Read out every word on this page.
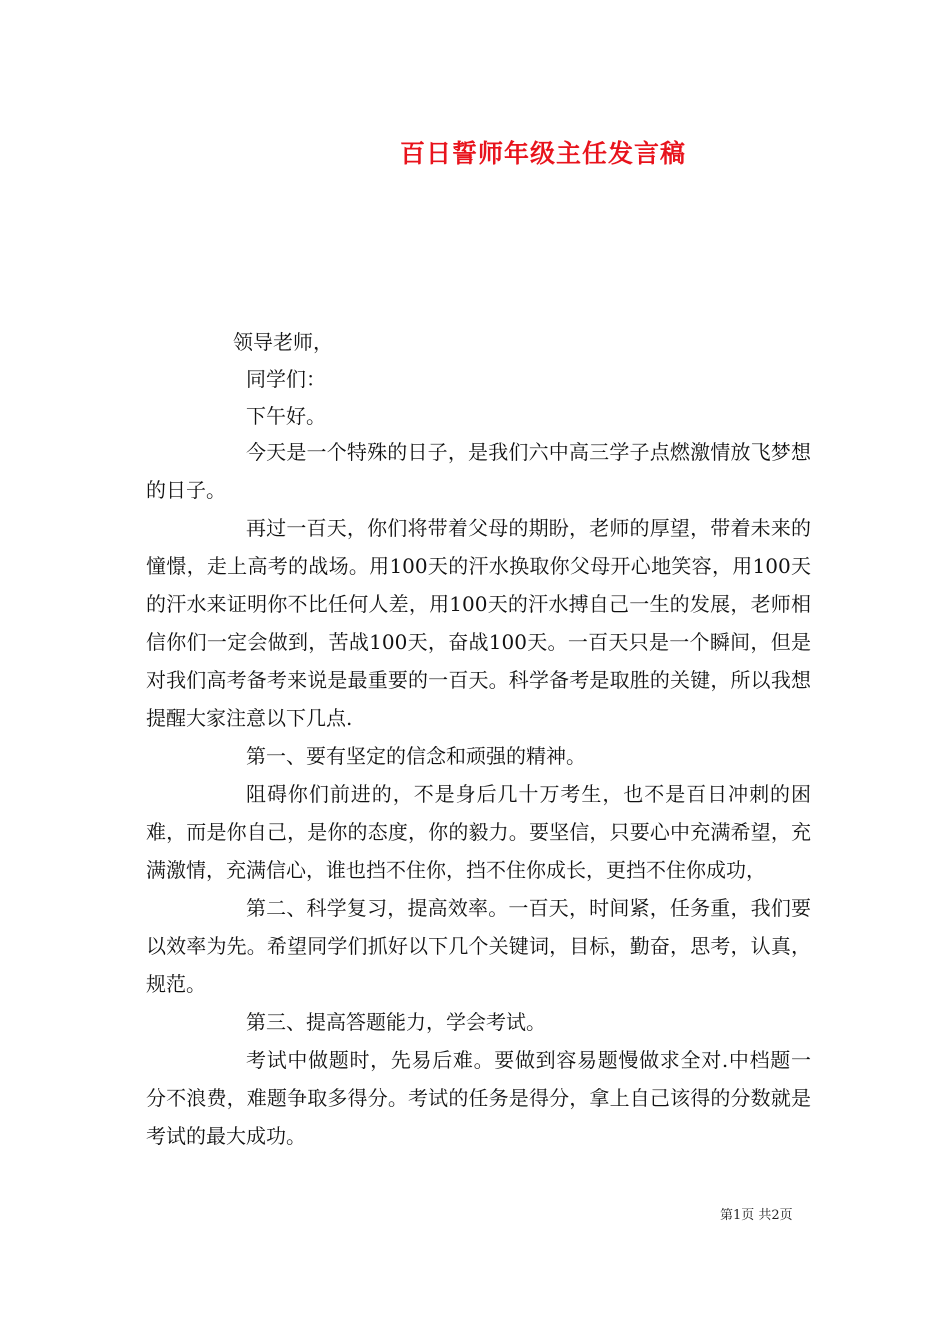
百日誓师年级主任发言稿
领导老师，
同学们：
下午好。

今天是一个特殊的日子，是我们六中高三学子点燃激情放飞梦想的日子。

再过一百天，你们将带着父母的期盼，老师的厚望，带着未来的憧憬，走上高考的战场。用100天的汗水换取你父母开心地笑容，用100天的汗水来证明你不比任何人差，用100天的汗水搏自己一生的发展，老师相信你们一定会做到，苦战100天，奋战100天。一百天只是一个瞬间，但是对我们高考备考来说是最重要的一百天。科学备考是取胜的关键，所以我想提醒大家注意以下几点.

第一、要有坚定的信念和顽强的精神。

阻碍你们前进的，不是身后几十万考生，也不是百日冲刺的困难，而是你自己，是你的态度，你的毅力。要坚信，只要心中充满希望，充满激情，充满信心，谁也挡不住你，挡不住你成长，更挡不住你成功，

第二、科学复习，提高效率。一百天，时间紧，任务重，我们要以效率为先。希望同学们抓好以下几个关键词，目标，勤奋，思考，认真，规范。

第三、提高答题能力，学会考试。

考试中做题时，先易后难。要做到容易题慢做求全对.中档题一分不浪费，难题争取多得分。考试的任务是得分，拿上自己该得的分数就是考试的最大成功。

第1页 共2页
